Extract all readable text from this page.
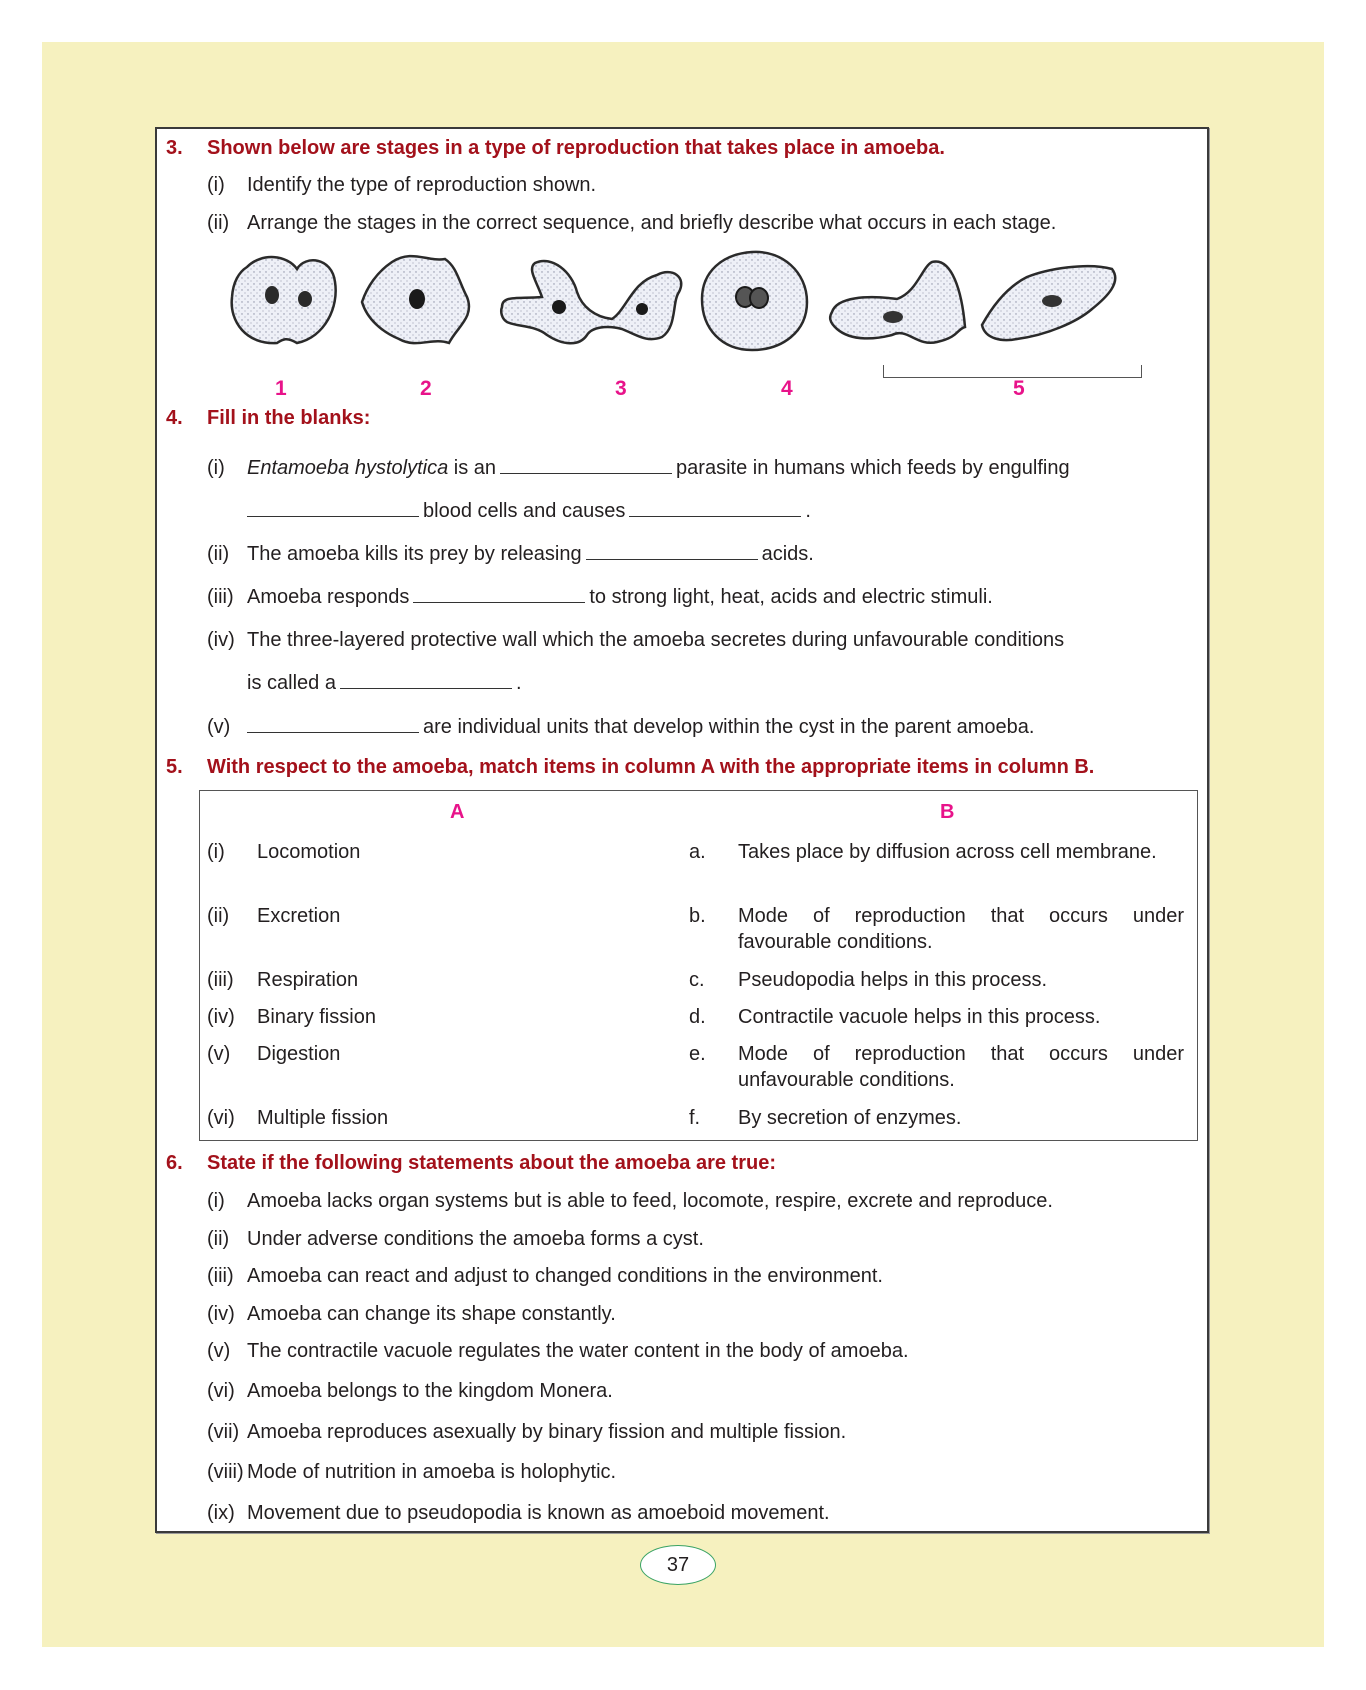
3. Shown below are stages in a type of reproduction that takes place in amoeba.
(i) Identify the type of reproduction shown.
(ii) Arrange the stages in the correct sequence, and briefly describe what occurs in each stage.
1	2	3	4	5
4. Fill in the blanks:
(i) Entamoeba hystolytica is an	parasite in humans which feeds by engulfing
blood cells and causes	.
(ii) The amoeba kills its prey by releasing	acids.
(iii) Amoeba responds	to strong light, heat, acids and electric stimuli.
(iv) The three-layered protective wall which the amoeba secretes during unfavourable conditions
is called a	.
(v)	are individual units that develop within the cyst in the parent amoeba.
5. With respect to the amoeba, match items in column A with the appropriate items in column B.
A	B
(i) Locomotion	a. Takes place by diffusion across cell membrane.
(ii) Excretion	b. Mode of reproduction that occurs under favourable conditions.
(iii) Respiration	c. Pseudopodia helps in this process.
(iv) Binary fission	d. Contractile vacuole helps in this process.
(v) Digestion	e. Mode of reproduction that occurs under unfavourable conditions.
(vi) Multiple fission	f. By secretion of enzymes.
6. State if the following statements about the amoeba are true:
(i) Amoeba lacks organ systems but is able to feed, locomote, respire, excrete and reproduce.
(ii) Under adverse conditions the amoeba forms a cyst.
(iii) Amoeba can react and adjust to changed conditions in the environment.
(iv) Amoeba can change its shape constantly.
(v) The contractile vacuole regulates the water content in the body of amoeba.
(vi) Amoeba belongs to the kingdom Monera.
(vii) Amoeba reproduces asexually by binary fission and multiple fission.
(viii) Mode of nutrition in amoeba is holophytic.
(ix) Movement due to pseudopodia is known as amoeboid movement.
37
